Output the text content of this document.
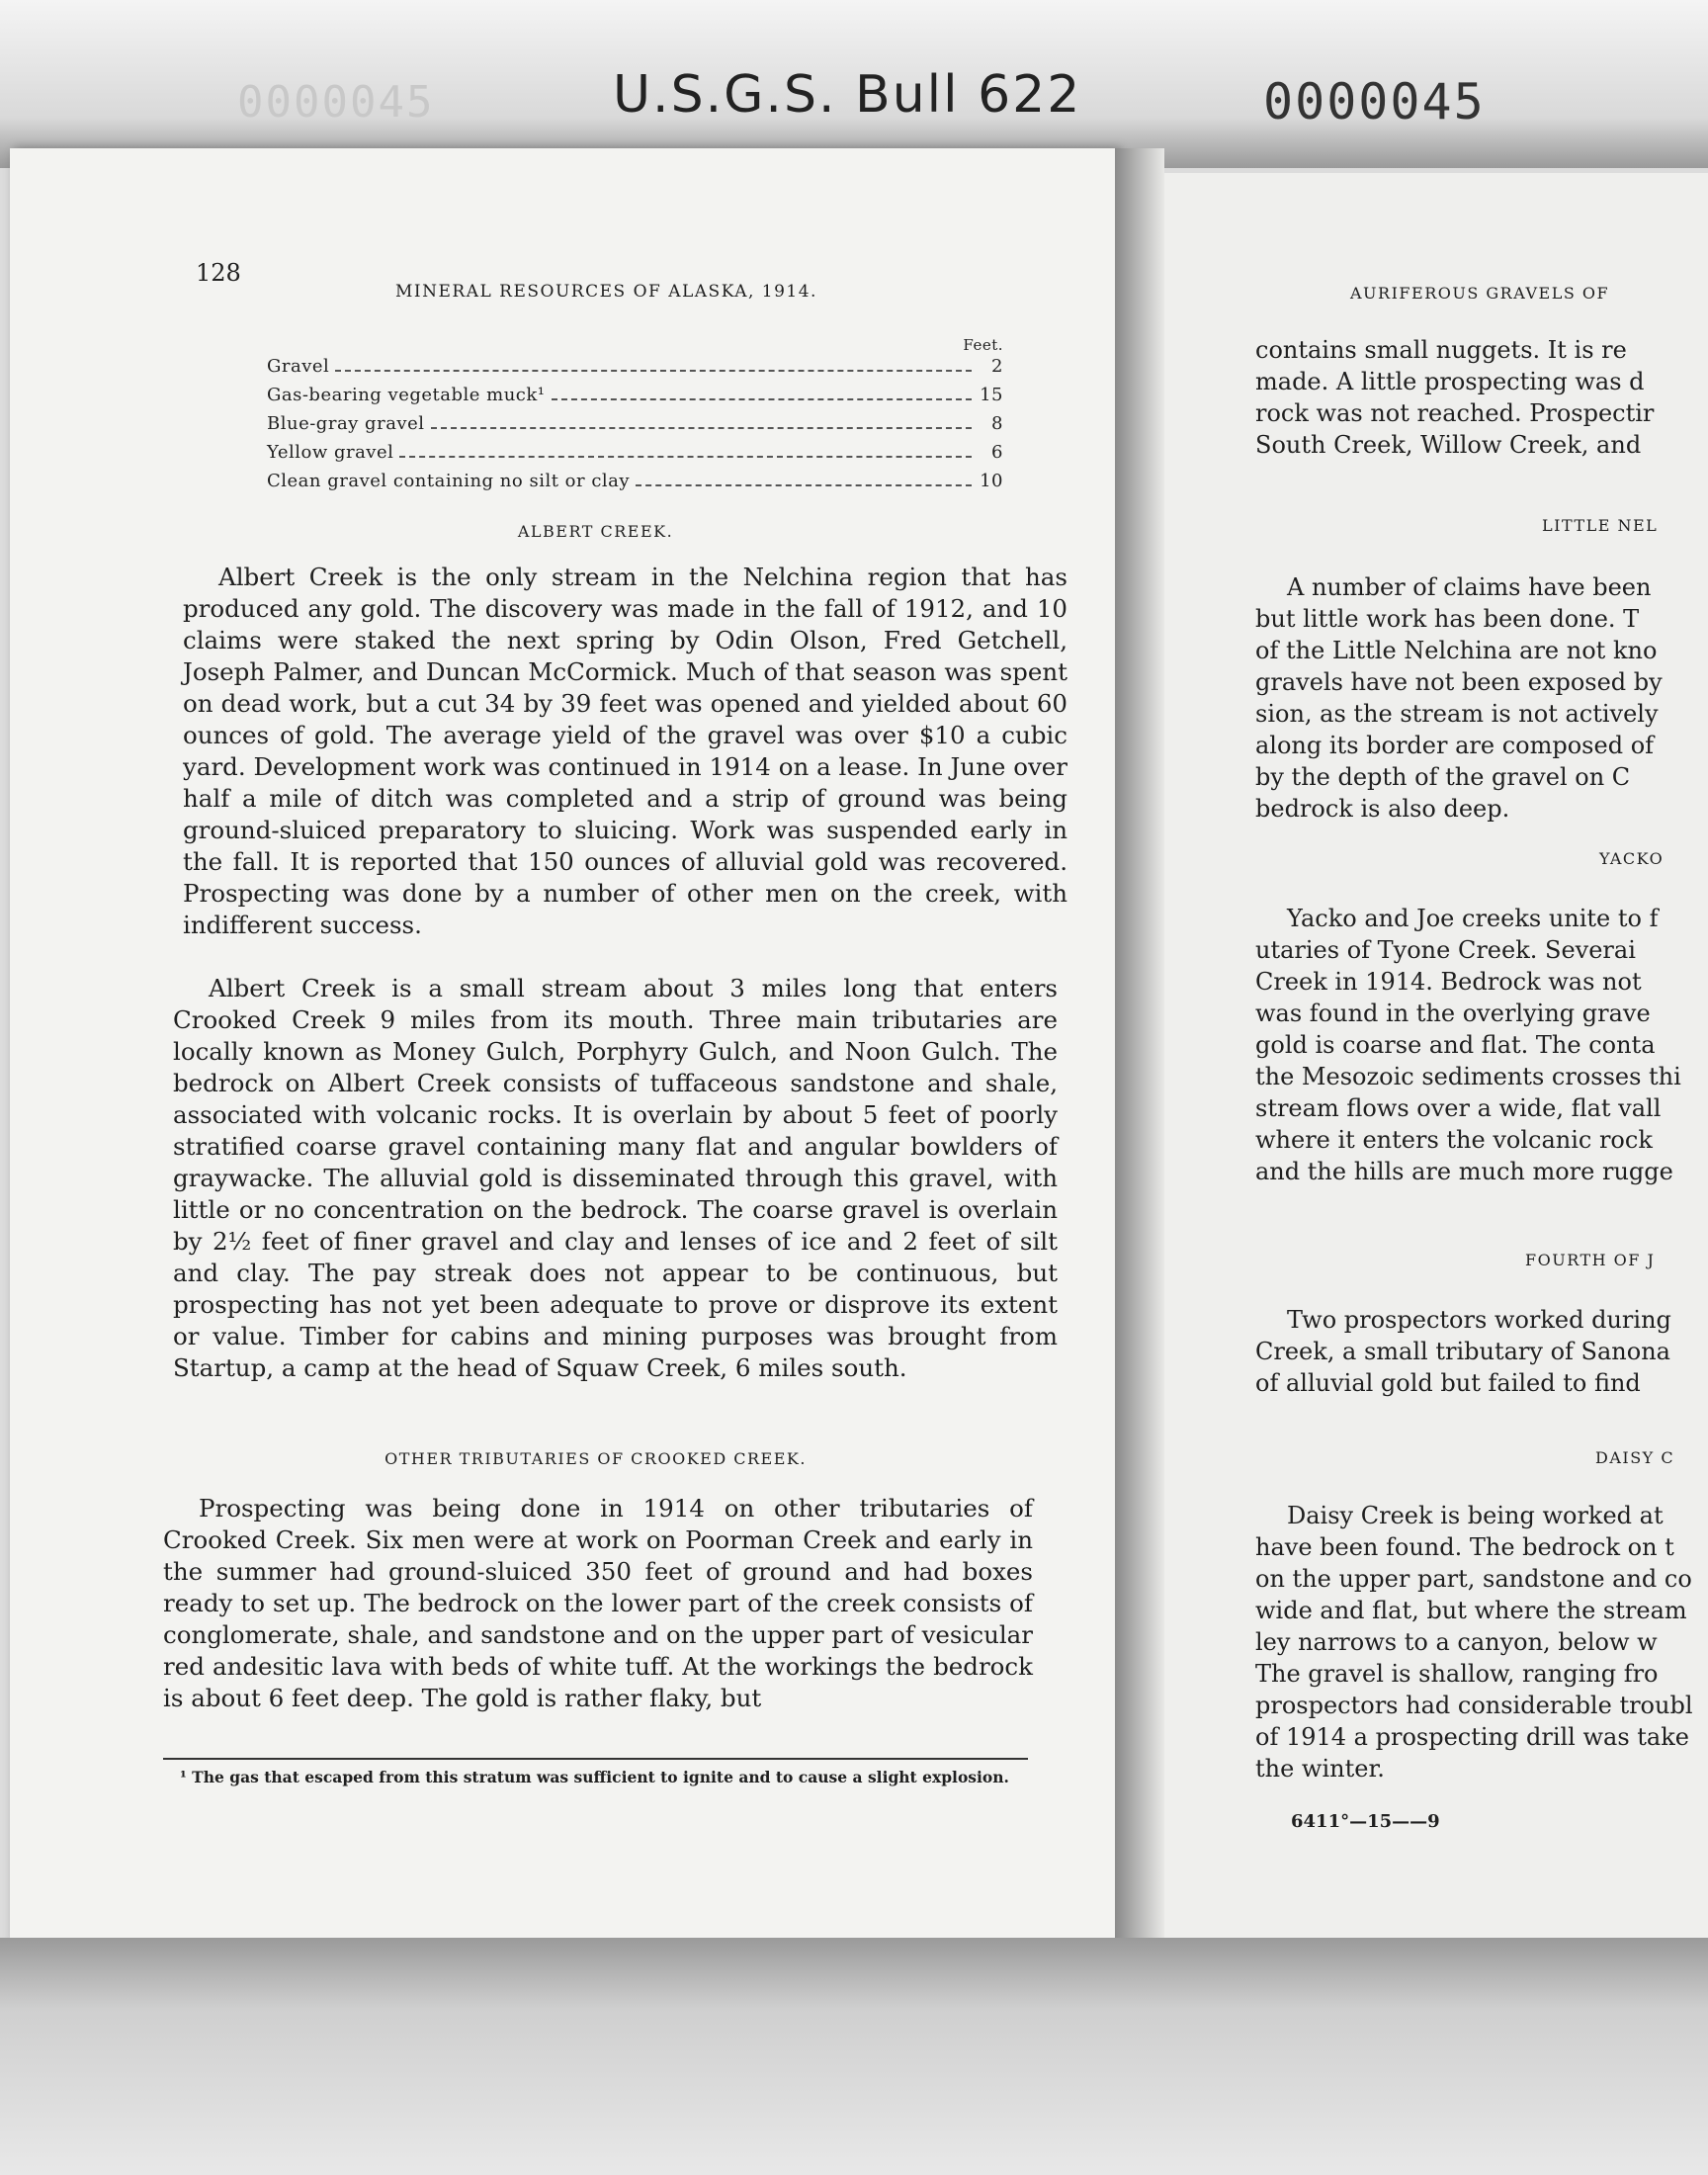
0000045	U.S.G.S. Bull 622	0000045
AURIFEROUS GRAVELS OF
contains small nuggets. It is re
made. A little prospecting was d
rock was not reached. Prospectir
South Creek, Willow Creek, and
LITTLE NEL
A number of claims have been
but little work has been done. T
of the Little Nelchina are not kno
gravels have not been exposed by
sion, as the stream is not actively
along its border are composed of
by the depth of the gravel on C
bedrock is also deep.
YACKO
Yacko and Joe creeks unite to f
utaries of Tyone Creek. Severai
Creek in 1914. Bedrock was not
was found in the overlying grave
gold is coarse and flat. The conta
the Mesozoic sediments crosses thi
stream flows over a wide, flat vall
where it enters the volcanic rock
and the hills are much more rugge
FOURTH OF J
Two prospectors worked during
Creek, a small tributary of Sanona
of alluvial gold but failed to find
DAISY C
Daisy Creek is being worked at
have been found. The bedrock on t
on the upper part, sandstone and co
wide and flat, but where the stream
ley narrows to a canyon, below w
The gravel is shallow, ranging fro
prospectors had considerable troubl
of 1914 a prospecting drill was take
the winter.
6411°—15——9
128
MINERAL RESOURCES OF ALASKA, 1914.
Feet.
Gravel	2
Gas-bearing vegetable muck¹	15
Blue-gray gravel	8
Yellow gravel	6
Clean gravel containing no silt or clay	10
ALBERT CREEK.

Albert Creek is the only stream in the Nelchina region that has produced any gold. The discovery was made in the fall of 1912, and 10 claims were staked the next spring by Odin Olson, Fred Getchell, Joseph Palmer, and Duncan McCormick. Much of that season was spent on dead work, but a cut 34 by 39 feet was opened and yielded about 60 ounces of gold. The average yield of the gravel was over $10 a cubic yard. Development work was continued in 1914 on a lease. In June over half a mile of ditch was completed and a strip of ground was being ground-sluiced preparatory to sluicing. Work was suspended early in the fall. It is reported that 150 ounces of alluvial gold was recovered. Prospecting was done by a number of other men on the creek, with indifferent success.

Albert Creek is a small stream about 3 miles long that enters Crooked Creek 9 miles from its mouth. Three main tributaries are locally known as Money Gulch, Porphyry Gulch, and Noon Gulch. The bedrock on Albert Creek consists of tuffaceous sandstone and shale, associated with volcanic rocks. It is overlain by about 5 feet of poorly stratified coarse gravel containing many flat and angular bowlders of graywacke. The alluvial gold is disseminated through this gravel, with little or no concentration on the bedrock. The coarse gravel is overlain by 2½ feet of finer gravel and clay and lenses of ice and 2 feet of silt and clay. The pay streak does not appear to be continuous, but prospecting has not yet been adequate to prove or disprove its extent or value. Timber for cabins and mining purposes was brought from Startup, a camp at the head of Squaw Creek, 6 miles south.

OTHER TRIBUTARIES OF CROOKED CREEK.

Prospecting was being done in 1914 on other tributaries of Crooked Creek. Six men were at work on Poorman Creek and early in the summer had ground-sluiced 350 feet of ground and had boxes ready to set up. The bedrock on the lower part of the creek consists of conglomerate, shale, and sandstone and on the upper part of vesicular red andesitic lava with beds of white tuff. At the workings the bedrock is about 6 feet deep. The gold is rather flaky, but

¹ The gas that escaped from this stratum was sufficient to ignite and to cause a slight explosion.
